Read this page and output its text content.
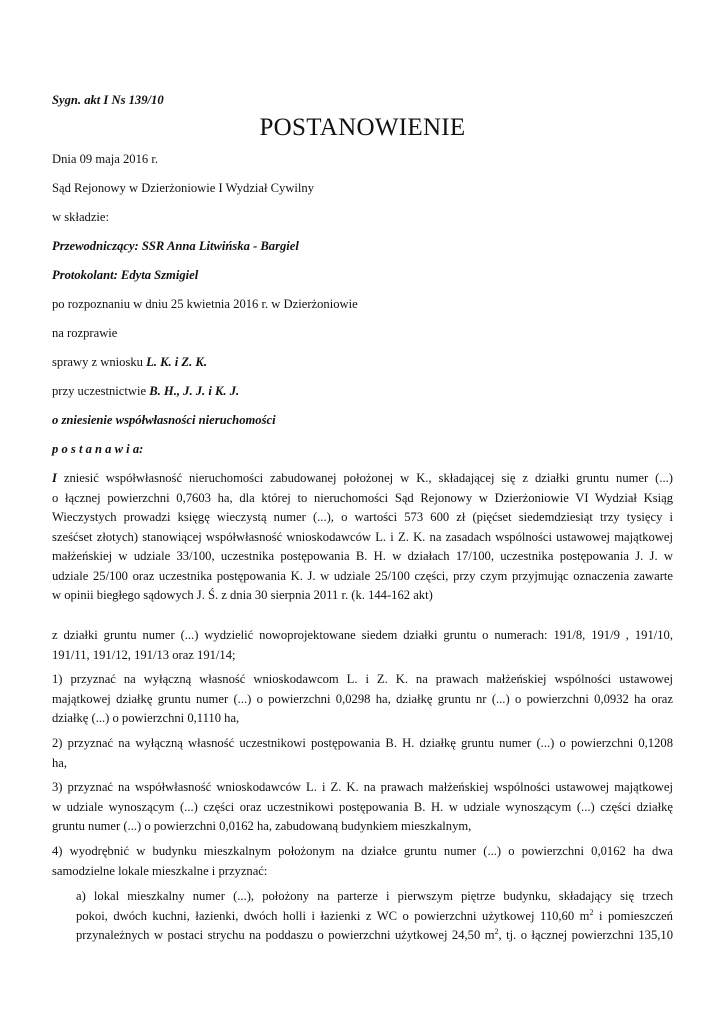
Sygn. akt I Ns 139/10

POSTANOWIENIE

Dnia 09 maja 2016 r.

Sąd Rejonowy w Dzierżoniowie I Wydział Cywilny

w składzie:

Przewodniczący: SSR Anna Litwińska - Bargiel

Protokolant: Edyta Szmigiel

po rozpoznaniu w dniu 25 kwietnia 2016 r. w Dzierżoniowie

na rozprawie

sprawy z wniosku L. K. i Z. K.

przy uczestnictwie B. H., J. J. i K. J.

o zniesienie współwłasności nieruchomości

p o s t a n a w i a:

I zniesić współwłasność nieruchomości zabudowanej położonej w K., składającej się z działki gruntu numer (...)
o łącznej powierzchni 0,7603 ha, dla której to nieruchomości Sąd Rejonowy w Dzierżoniowie VI Wydział Ksiąg
Wieczystych prowadzi księgę wieczystą numer (...), o wartości 573 600 zł (pięćset siedemdziesiąt trzy tysięcy i
sześćset złotych) stanowiącej współwłasność wnioskodawców L. i Z. K. na zasadach wspólności ustawowej majątkowej
małżeńskiej w udziale 33/100, uczestnika postępowania B. H. w działach 17/100, uczestnika postępowania J. J. w
udziale 25/100 oraz uczestnika postępowania K. J. w udziale 25/100 części, przy czym przyjmując oznaczenia zawarte
w opinii biegłego sądowych J. Ś. z dnia 30 sierpnia 2011 r. (k. 144-162 akt)
z działki gruntu numer (...) wydzielić nowoprojektowane siedem działki gruntu o numerach: 191/8, 191/9 , 191/10,
191/11, 191/12, 191/13 oraz 191/14;
1) przyznać na wyłączną własność wnioskodawcom L. i Z. K. na prawach małżeńskiej wspólności ustawowej
majątkowej działkę gruntu numer (...) o powierzchni 0,0298 ha, działkę gruntu nr (...) o powierzchni 0,0932 ha oraz
działkę (...) o powierzchni 0,1110 ha,
2) przyznać na wyłączną własność uczestnikowi postępowania B. H. działkę gruntu numer (...) o powierzchni 0,1208
ha,
3) przyznać na współwłasność wnioskodawców L. i Z. K. na prawach małżeńskiej wspólności ustawowej majątkowej
w udziale wynoszącym (...) części oraz uczestnikowi postępowania B. H. w udziale wynoszącym (...) części działkę
gruntu numer (...) o powierzchni 0,0162 ha, zabudowaną budynkiem mieszkalnym,
4) wyodrębnić w budynku mieszkalnym położonym na działce gruntu numer (...) o powierzchni 0,0162 ha dwa
samodzielne lokale mieszkalne i przyznać:
a) lokal mieszkalny numer (...), położony na parterze i pierwszym piętrze budynku, składający się trzech
pokoi, dwóch kuchni, łazienki, dwóch holli i łazienki z WC o powierzchni użytkowej 110,60 $m^2$ i pomieszczeń
przynależnych w postaci strychu na poddaszu o powierzchni użytkowej 24,50 $m^2$, tj. o łącznej powierzchni 135,10
